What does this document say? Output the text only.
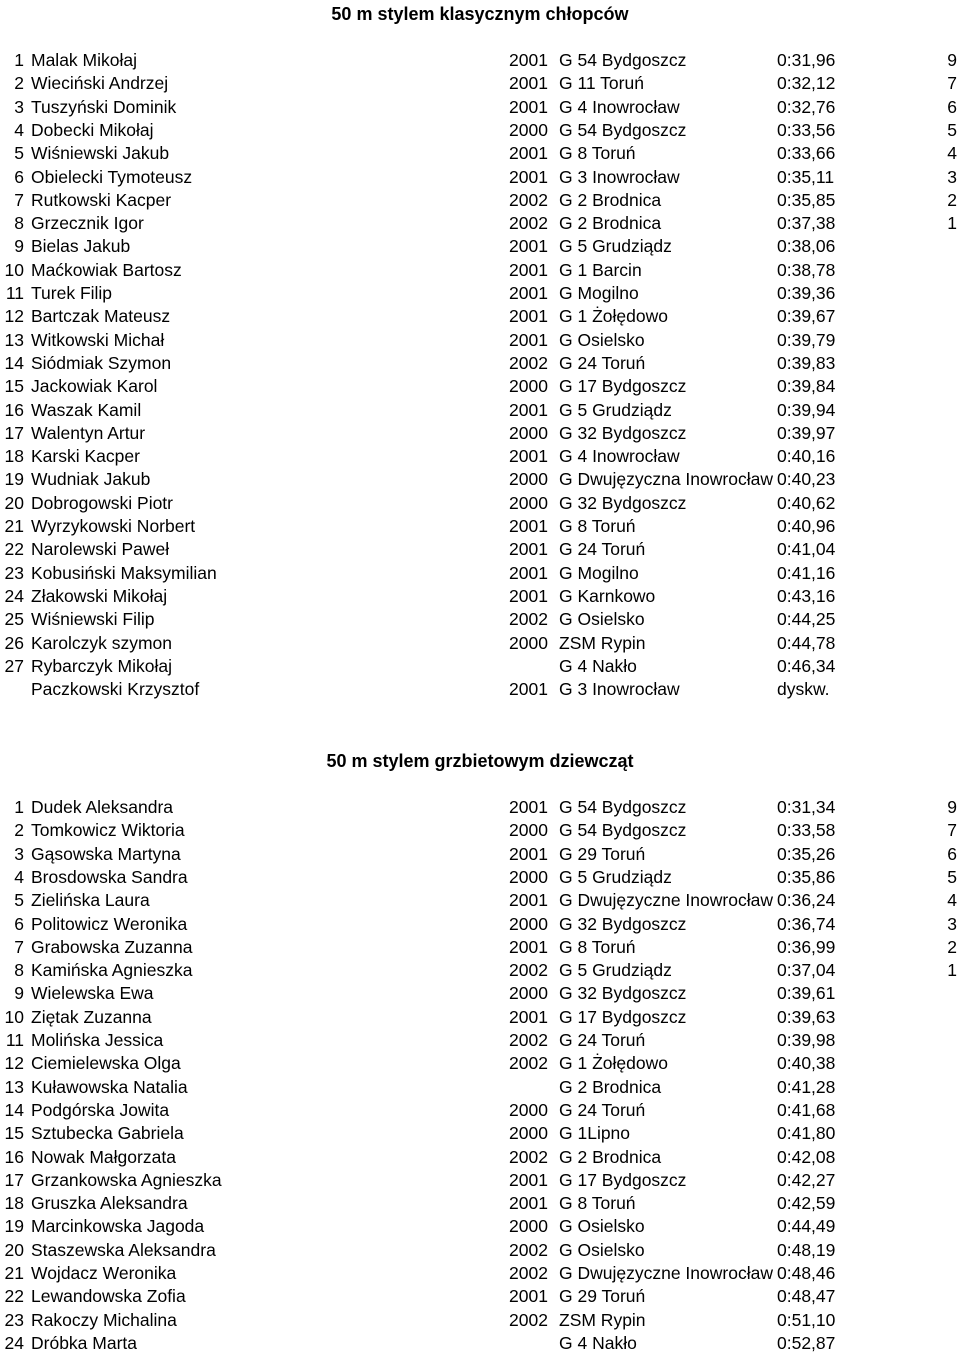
50 m stylem klasycznym chłopców
1 Malak Mikołaj	2001 G 54 Bydgoszcz	0:31,96	9
2 Wieciński Andrzej	2001 G 11 Toruń	0:32,12	7
3 Tuszyński Dominik	2001 G 4 Inowrocław	0:32,76	6
4 Dobecki Mikołaj	2000 G 54 Bydgoszcz	0:33,56	5
5 Wiśniewski Jakub	2001 G 8 Toruń	0:33,66	4
6 Obielecki Tymoteusz	2001 G 3 Inowrocław	0:35,11	3
7 Rutkowski Kacper	2002 G 2 Brodnica	0:35,85	2
8 Grzecznik Igor	2002 G 2 Brodnica	0:37,38	1
9 Bielas Jakub	2001 G 5 Grudziądz	0:38,06
10 Maćkowiak Bartosz	2001 G 1 Barcin	0:38,78
11 Turek Filip	2001 G Mogilno	0:39,36
12 Bartczak Mateusz	2001 G 1 Żołędowo	0:39,67
13 Witkowski Michał	2001 G Osielsko	0:39,79
14 Siódmiak Szymon	2002 G 24 Toruń	0:39,83
15 Jackowiak Karol	2000 G 17 Bydgoszcz	0:39,84
16 Waszak Kamil	2001 G 5 Grudziądz	0:39,94
17 Walentyn Artur	2000 G 32 Bydgoszcz	0:39,97
18 Karski Kacper	2001 G 4 Inowrocław	0:40,16
19 Wudniak Jakub	2000 G Dwujęzyczna Inowrocław 0:40,23
20 Dobrogowski Piotr	2000 G 32 Bydgoszcz	0:40,62
21 Wyrzykowski Norbert	2001 G 8 Toruń	0:40,96
22 Narolewski Paweł	2001 G 24 Toruń	0:41,04
23 Kobusiński Maksymilian	2001 G Mogilno	0:41,16
24 Złakowski Mikołaj	2001 G Karnkowo	0:43,16
25 Wiśniewski Filip	2002 G Osielsko	0:44,25
26 Karolczyk szymon	2000 ZSM Rypin	0:44,78
27 Rybarczyk Mikołaj	G 4 Nakło	0:46,34
Paczkowski Krzysztof	2001 G 3 Inowrocław	dyskw.
50 m stylem grzbietowym dziewcząt
1 Dudek Aleksandra	2001 G 54 Bydgoszcz	0:31,34	9
2 Tomkowicz Wiktoria	2000 G 54 Bydgoszcz	0:33,58	7
3 Gąsowska Martyna	2001 G 29 Toruń	0:35,26	6
4 Brosdowska Sandra	2000 G 5 Grudziądz	0:35,86	5
5 Zielińska Laura	2001 G Dwujęzyczne Inowrocław 0:36,24	4
6 Politowicz Weronika	2000 G 32 Bydgoszcz	0:36,74	3
7 Grabowska Zuzanna	2001 G 8 Toruń	0:36,99	2
8 Kamińska Agnieszka	2002 G 5 Grudziądz	0:37,04	1
9 Wielewska Ewa	2000 G 32 Bydgoszcz	0:39,61
10 Ziętak Zuzanna	2001 G 17 Bydgoszcz	0:39,63
11 Molińska Jessica	2002 G 24 Toruń	0:39,98
12 Ciemielewska Olga	2002 G 1 Żołędowo	0:40,38
13 Kuławowska Natalia	G 2 Brodnica	0:41,28
14 Podgórska Jowita	2000 G 24 Toruń	0:41,68
15 Sztubecka Gabriela	2000 G 1Lipno	0:41,80
16 Nowak Małgorzata	2002 G 2 Brodnica	0:42,08
17 Grzankowska Agnieszka	2001 G 17 Bydgoszcz	0:42,27
18 Gruszka Aleksandra	2001 G 8 Toruń	0:42,59
19 Marcinkowska Jagoda	2000 G Osielsko	0:44,49
20 Staszewska Aleksandra	2002 G Osielsko	0:48,19
21 Wojdacz Weronika	2002 G Dwujęzyczne Inowrocław 0:48,46
22 Lewandowska Zofia	2001 G 29 Toruń	0:48,47
23 Rakoczy Michalina	2002 ZSM Rypin	0:51,10
24 Dróbka Marta	G 4 Nakło	0:52,87
